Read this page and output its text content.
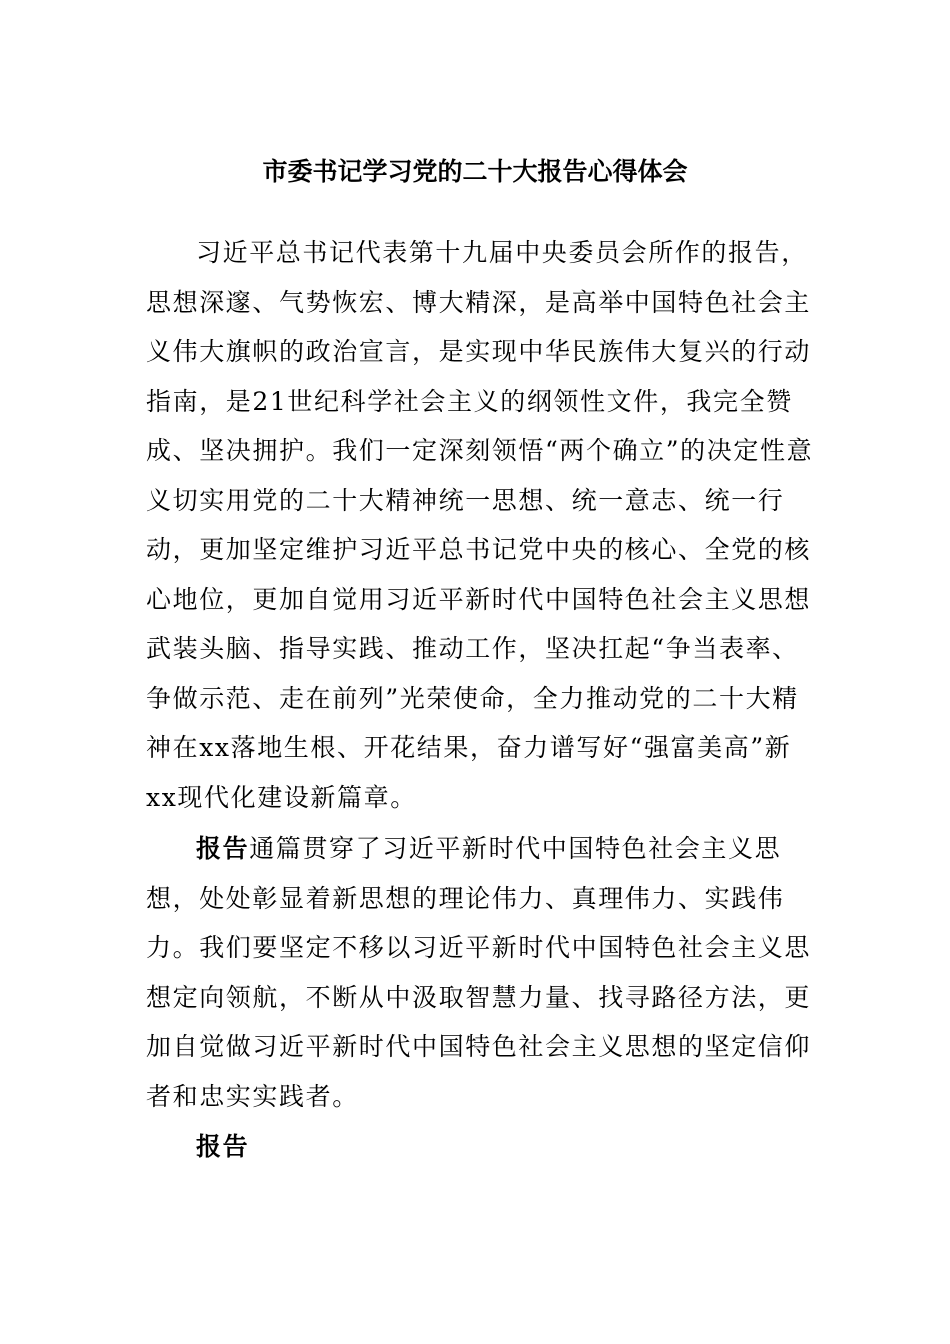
市委书记学习党的二十大报告心得体会

习近平总书记代表第十九届中央委员会所作的报告，思想深邃、气势恢宏、博大精深，是高举中国特色社会主义伟大旗帜的政治宣言，是实现中华民族伟大复兴的行动指南，是21世纪科学社会主义的纲领性文件，我完全赞成、坚决拥护。我们一定深刻领悟“两个确立”的决定性意义切实用党的二十大精神统一思想、统一意志、统一行动，更加坚定维护习近平总书记党中央的核心、全党的核心地位，更加自觉用习近平新时代中国特色社会主义思想武装头脑、指导实践、推动工作，坚决扛起“争当表率、争做示范、走在前列”光荣使命，全力推动党的二十大精神在xx落地生根、开花结果，奋力谱写好“强富美高”新xx现代化建设新篇章。

报告通篇贯穿了习近平新时代中国特色社会主义思想，处处彰显着新思想的理论伟力、真理伟力、实践伟力。我们要坚定不移以习近平新时代中国特色社会主义思想定向领航，不断从中汲取智慧力量、找寻路径方法，更加自觉做习近平新时代中国特色社会主义思想的坚定信仰者和忠实实践者。

报告
